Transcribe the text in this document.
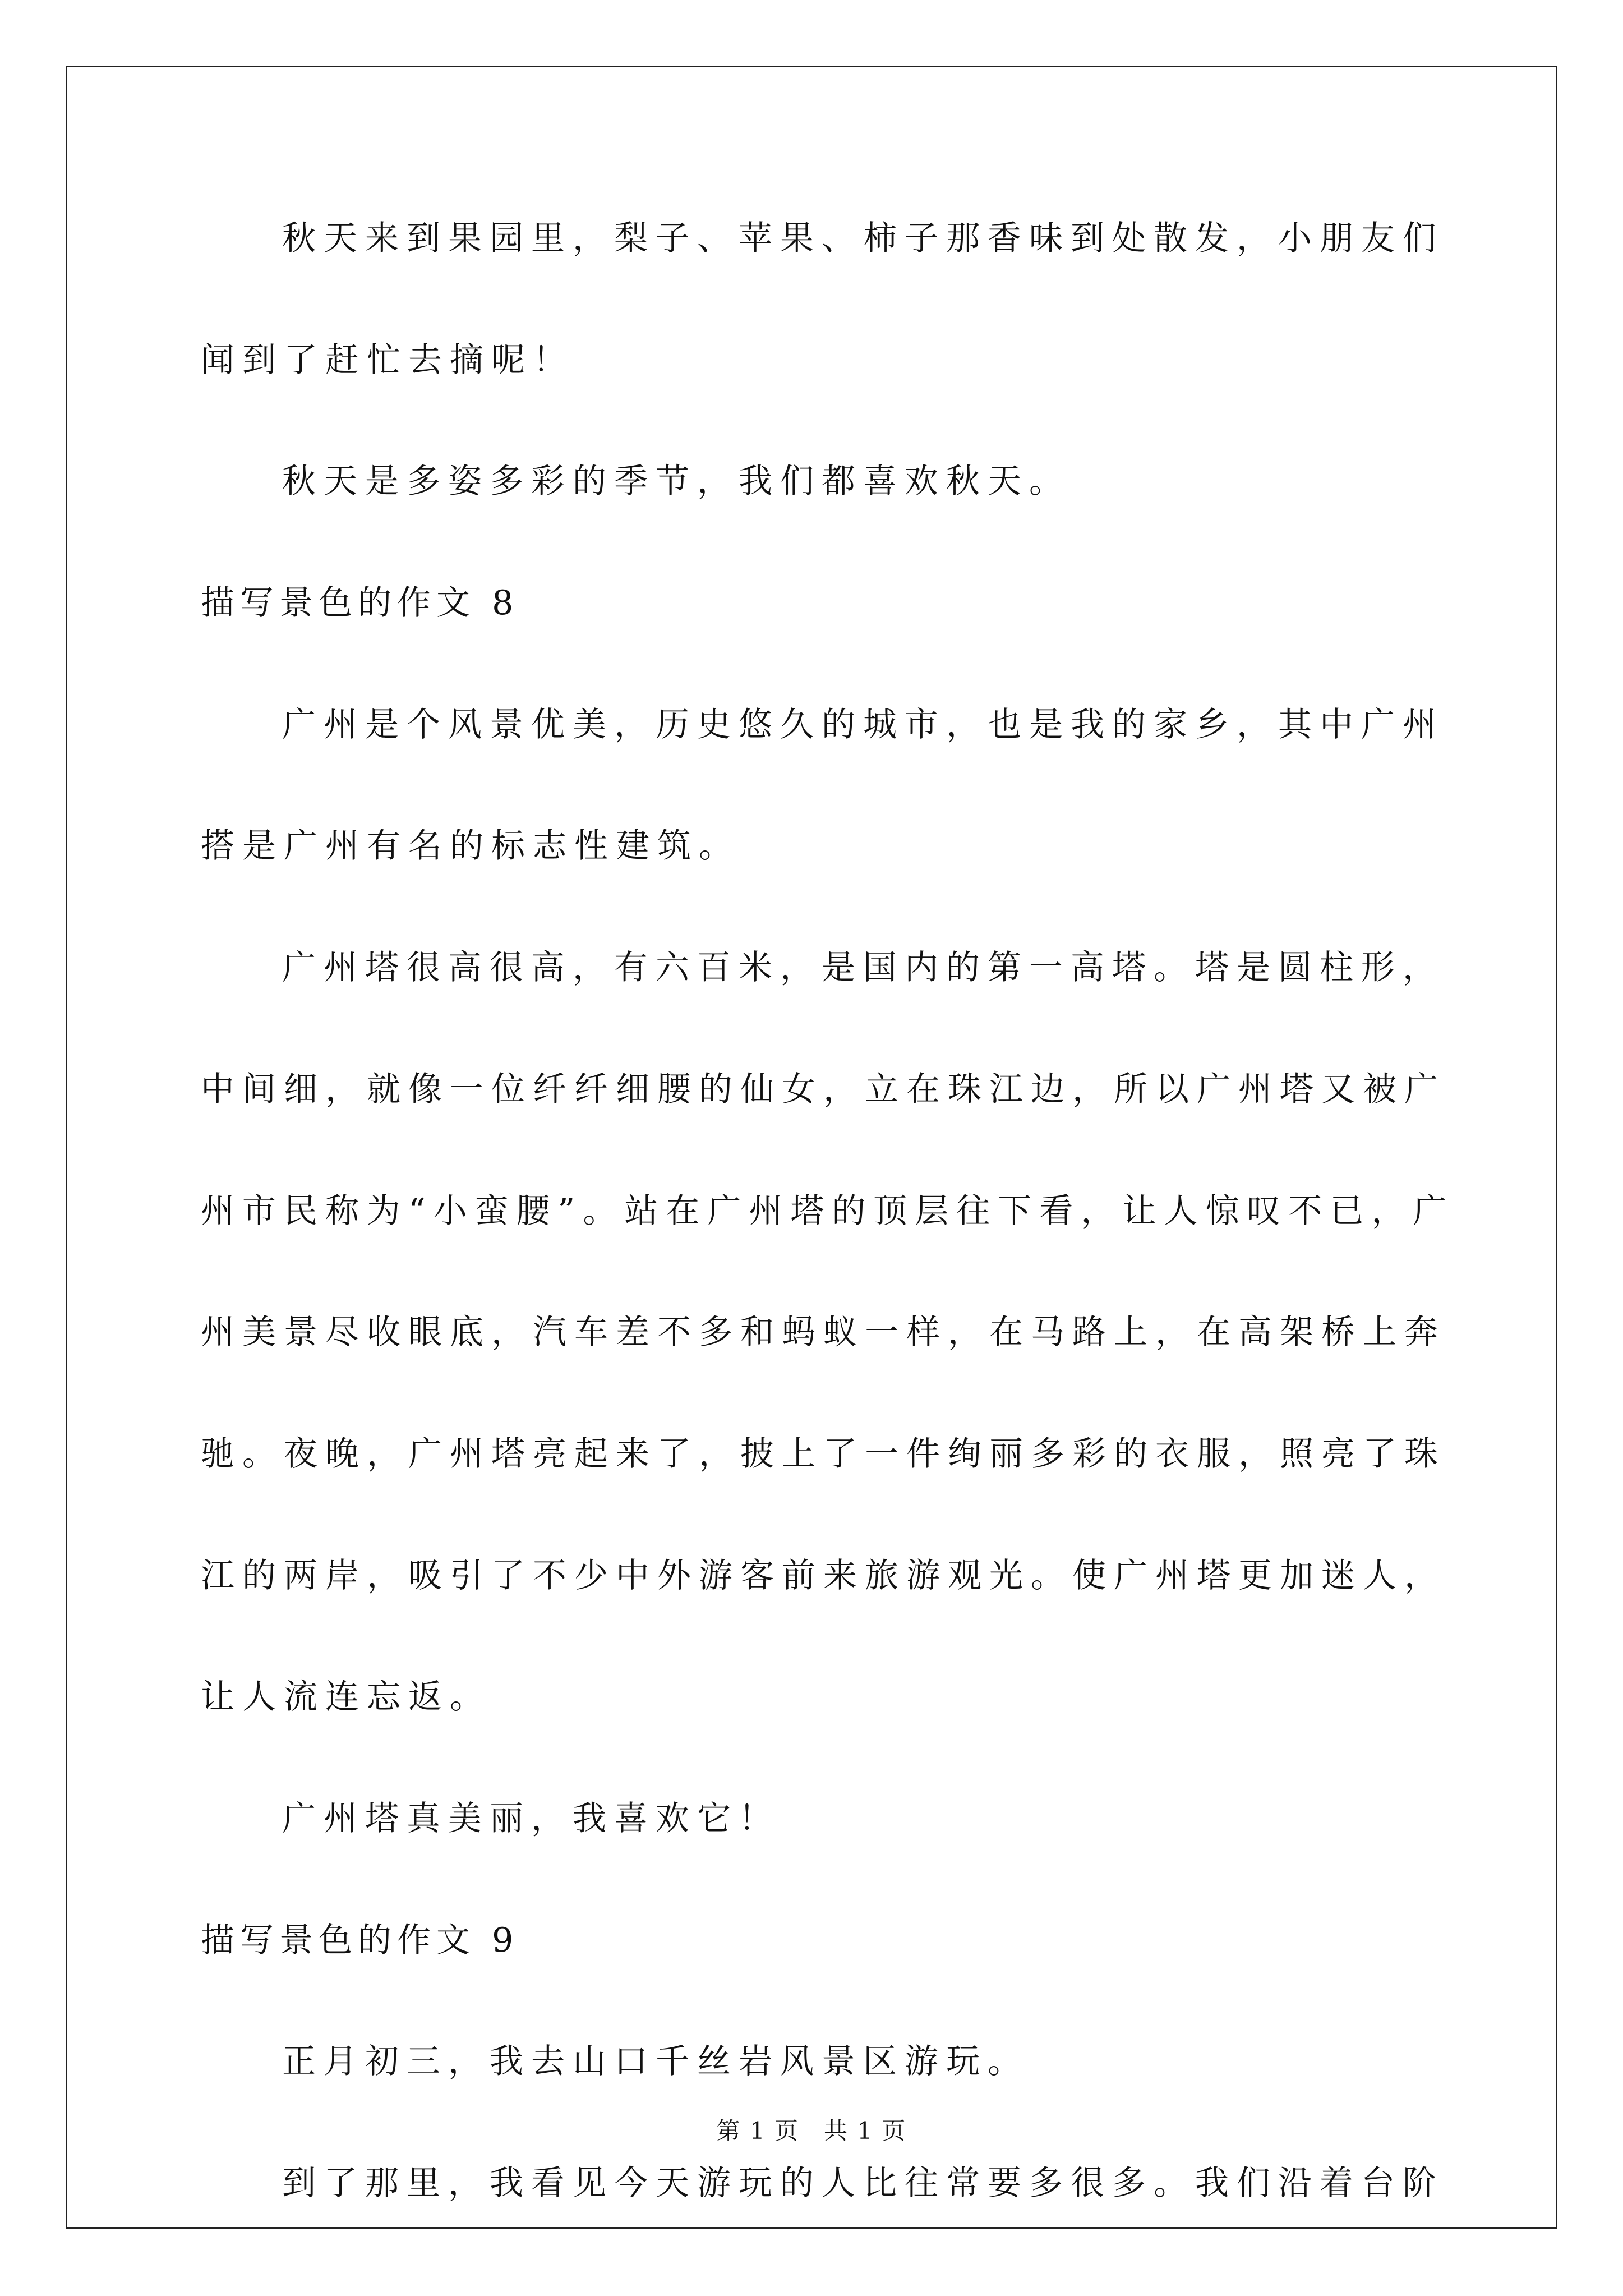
秋天来到果园里，梨子、苹果、柿子那香味到处散发，小朋友们
闻到了赶忙去摘呢！
秋天是多姿多彩的季节，我们都喜欢秋天。
描写景色的作文 8
广州是个风景优美，历史悠久的城市，也是我的家乡，其中广州
搭是广州有名的标志性建筑。
广州塔很高很高，有六百米，是国内的第一高塔。塔是圆柱形，
中间细，就像一位纤纤细腰的仙女，立在珠江边，所以广州塔又被广
州市民称为“小蛮腰”。站在广州塔的顶层往下看，让人惊叹不已，广
州美景尽收眼底，汽车差不多和蚂蚁一样，在马路上，在高架桥上奔
驰。夜晚，广州塔亮起来了，披上了一件绚丽多彩的衣服，照亮了珠
江的两岸，吸引了不少中外游客前来旅游观光。使广州塔更加迷人，
让人流连忘返。
广州塔真美丽，我喜欢它！
描写景色的作文 9
正月初三，我去山口千丝岩风景区游玩。
到了那里，我看见今天游玩的人比往常要多很多。我们沿着台阶
第 1 页　共 1 页
